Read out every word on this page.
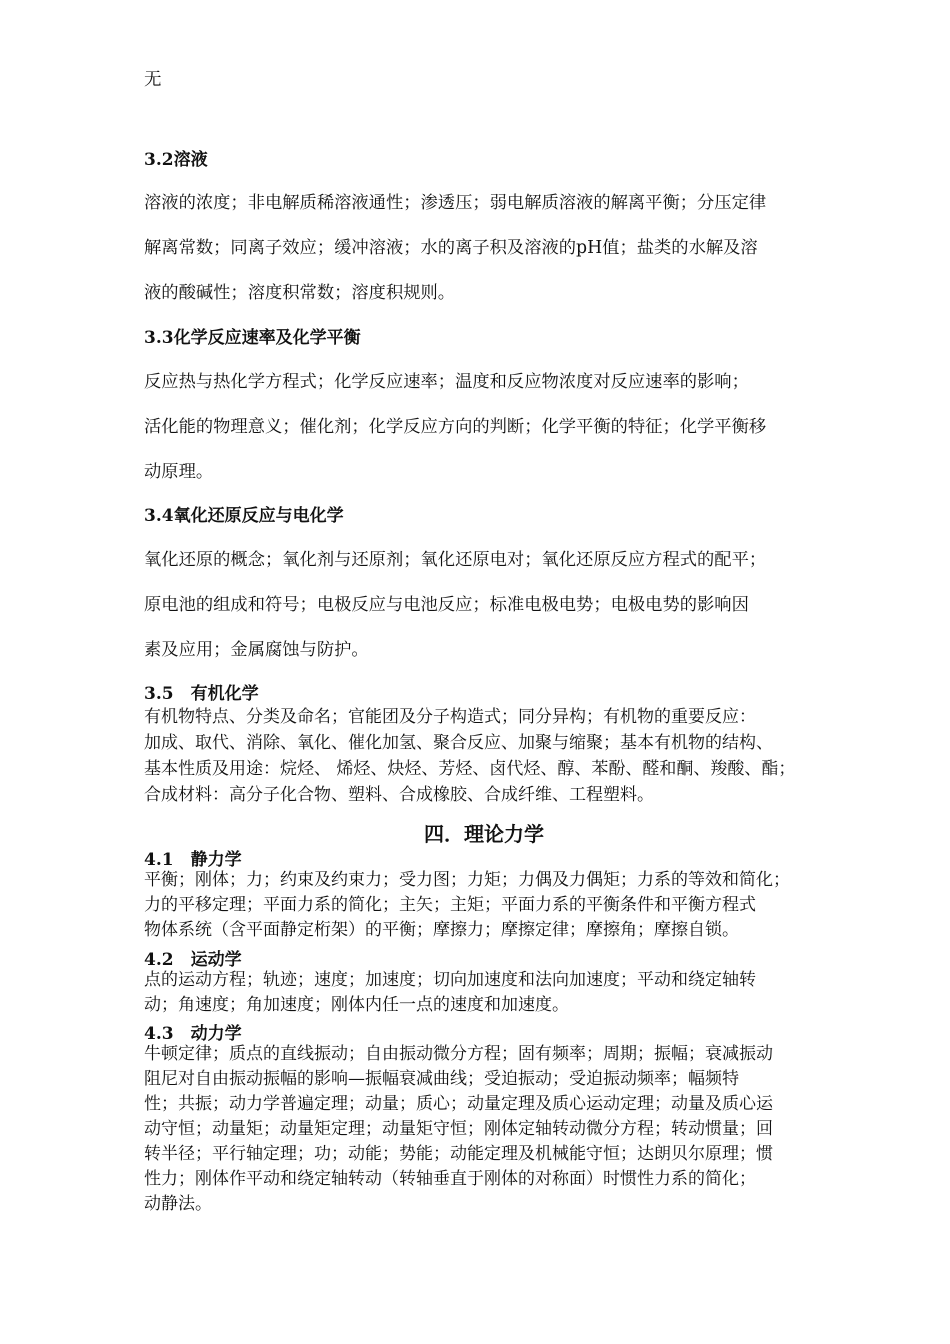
无
3.2溶液
溶液的浓度；非电解质稀溶液通性；渗透压；弱电解质溶液的解离平衡；分压定律
解离常数；同离子效应；缓冲溶液；水的离子积及溶液的pH值；盐类的水解及溶
液的酸碱性；溶度积常数；溶度积规则。
3.3化学反应速率及化学平衡
反应热与热化学方程式；化学反应速率；温度和反应物浓度对反应速率的影响；
活化能的物理意义；催化剂；化学反应方向的判断；化学平衡的特征；化学平衡移
动原理。
3.4氧化还原反应与电化学
氧化还原的概念；氧化剂与还原剂；氧化还原电对；氧化还原反应方程式的配平；
原电池的组成和符号；电极反应与电池反应；标准电极电势；电极电势的影响因
素及应用；金属腐蚀与防护。
3.5　有机化学
有机物特点、分类及命名；官能团及分子构造式；同分异构；有机物的重要反应：
加成、取代、消除、氧化、催化加氢、聚合反应、加聚与缩聚；基本有机物的结构、
基本性质及用途：烷烃、 烯烃、炔烃、芳烃、卤代烃、醇、苯酚、醛和酮、羧酸、酯；
合成材料：高分子化合物、塑料、合成橡胶、合成纤维、工程塑料。
四．理论力学
4.1　静力学
平衡；刚体；力；约束及约束力；受力图；力矩；力偶及力偶矩；力系的等效和简化；
力的平移定理；平面力系的简化；主矢；主矩；平面力系的平衡条件和平衡方程式
物体系统（含平面静定桁架）的平衡；摩擦力；摩擦定律；摩擦角；摩擦自锁。
4.2　运动学
点的运动方程；轨迹；速度；加速度；切向加速度和法向加速度；平动和绕定轴转
动；角速度；角加速度；刚体内任一点的速度和加速度。
4.3　动力学
牛顿定律；质点的直线振动；自由振动微分方程；固有频率；周期；振幅；衰减振动
阻尼对自由振动振幅的影响—振幅衰减曲线；受迫振动；受迫振动频率；幅频特
性；共振；动力学普遍定理；动量；质心；动量定理及质心运动定理；动量及质心运
动守恒；动量矩；动量矩定理；动量矩守恒；刚体定轴转动微分方程；转动惯量；回
转半径；平行轴定理；功；动能；势能；动能定理及机械能守恒；达朗贝尔原理；惯
性力；刚体作平动和绕定轴转动（转轴垂直于刚体的对称面）时惯性力系的简化；
动静法。
